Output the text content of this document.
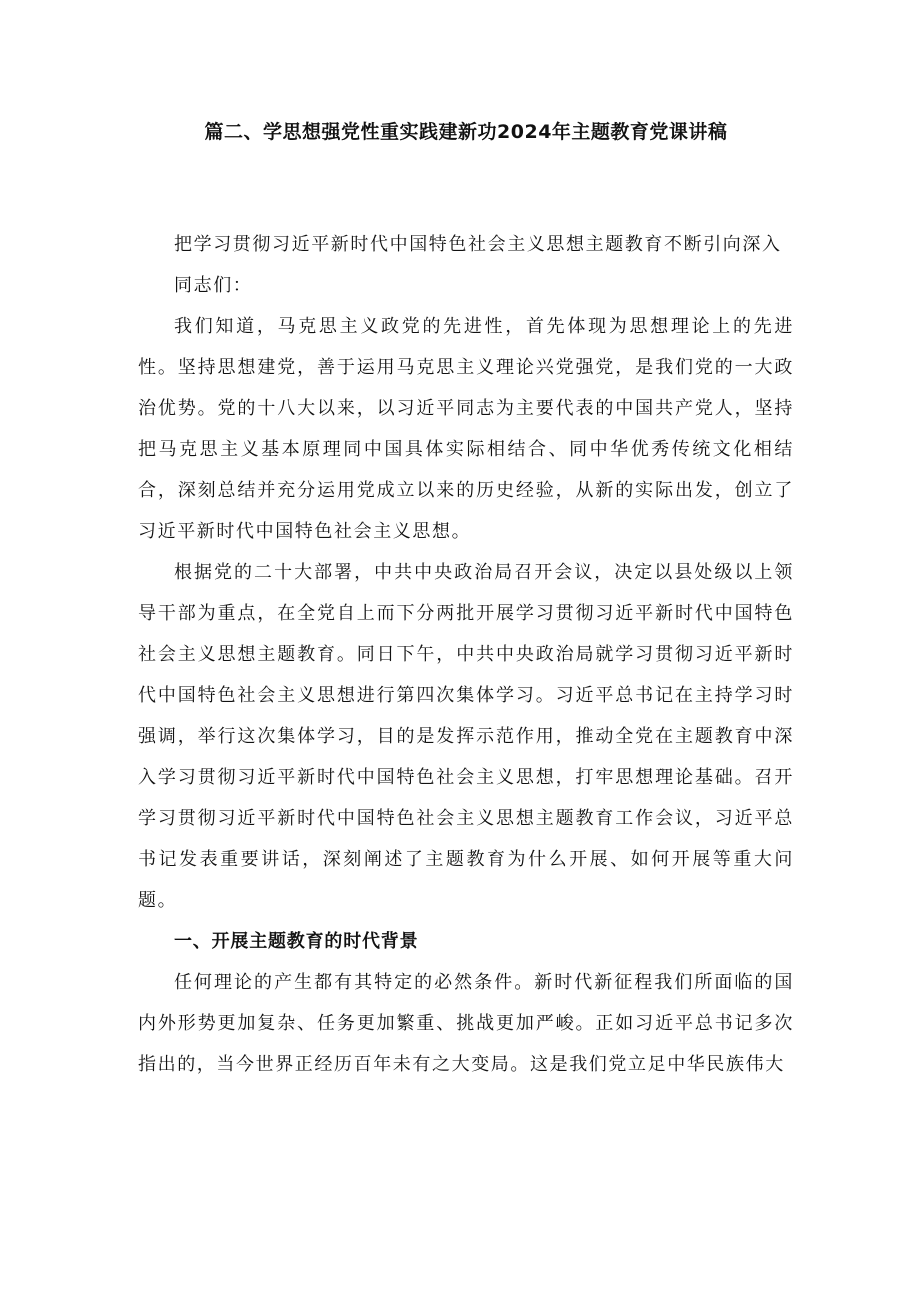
篇二、学思想强党性重实践建新功2024年主题教育党课讲稿

把学习贯彻习近平新时代中国特色社会主义思想主题教育不断引向深入

同志们：

我们知道，马克思主义政党的先进性，首先体现为思想理论上的先进性。坚持思想建党，善于运用马克思主义理论兴党强党，是我们党的一大政治优势。党的十八大以来，以习近平同志为主要代表的中国共产党人，坚持把马克思主义基本原理同中国具体实际相结合、同中华优秀传统文化相结合，深刻总结并充分运用党成立以来的历史经验，从新的实际出发，创立了习近平新时代中国特色社会主义思想。

根据党的二十大部署，中共中央政治局召开会议，决定以县处级以上领导干部为重点，在全党自上而下分两批开展学习贯彻习近平新时代中国特色社会主义思想主题教育。同日下午，中共中央政治局就学习贯彻习近平新时代中国特色社会主义思想进行第四次集体学习。习近平总书记在主持学习时强调，举行这次集体学习，目的是发挥示范作用，推动全党在主题教育中深入学习贯彻习近平新时代中国特色社会主义思想，打牢思想理论基础。召开学习贯彻习近平新时代中国特色社会主义思想主题教育工作会议，习近平总书记发表重要讲话，深刻阐述了主题教育为什么开展、如何开展等重大问题。

一、开展主题教育的时代背景

任何理论的产生都有其特定的必然条件。新时代新征程我们所面临的国内外形势更加复杂、任务更加繁重、挑战更加严峻。正如习近平总书记多次指出的，当今世界正经历百年未有之大变局。这是我们党立足中华民族伟大
